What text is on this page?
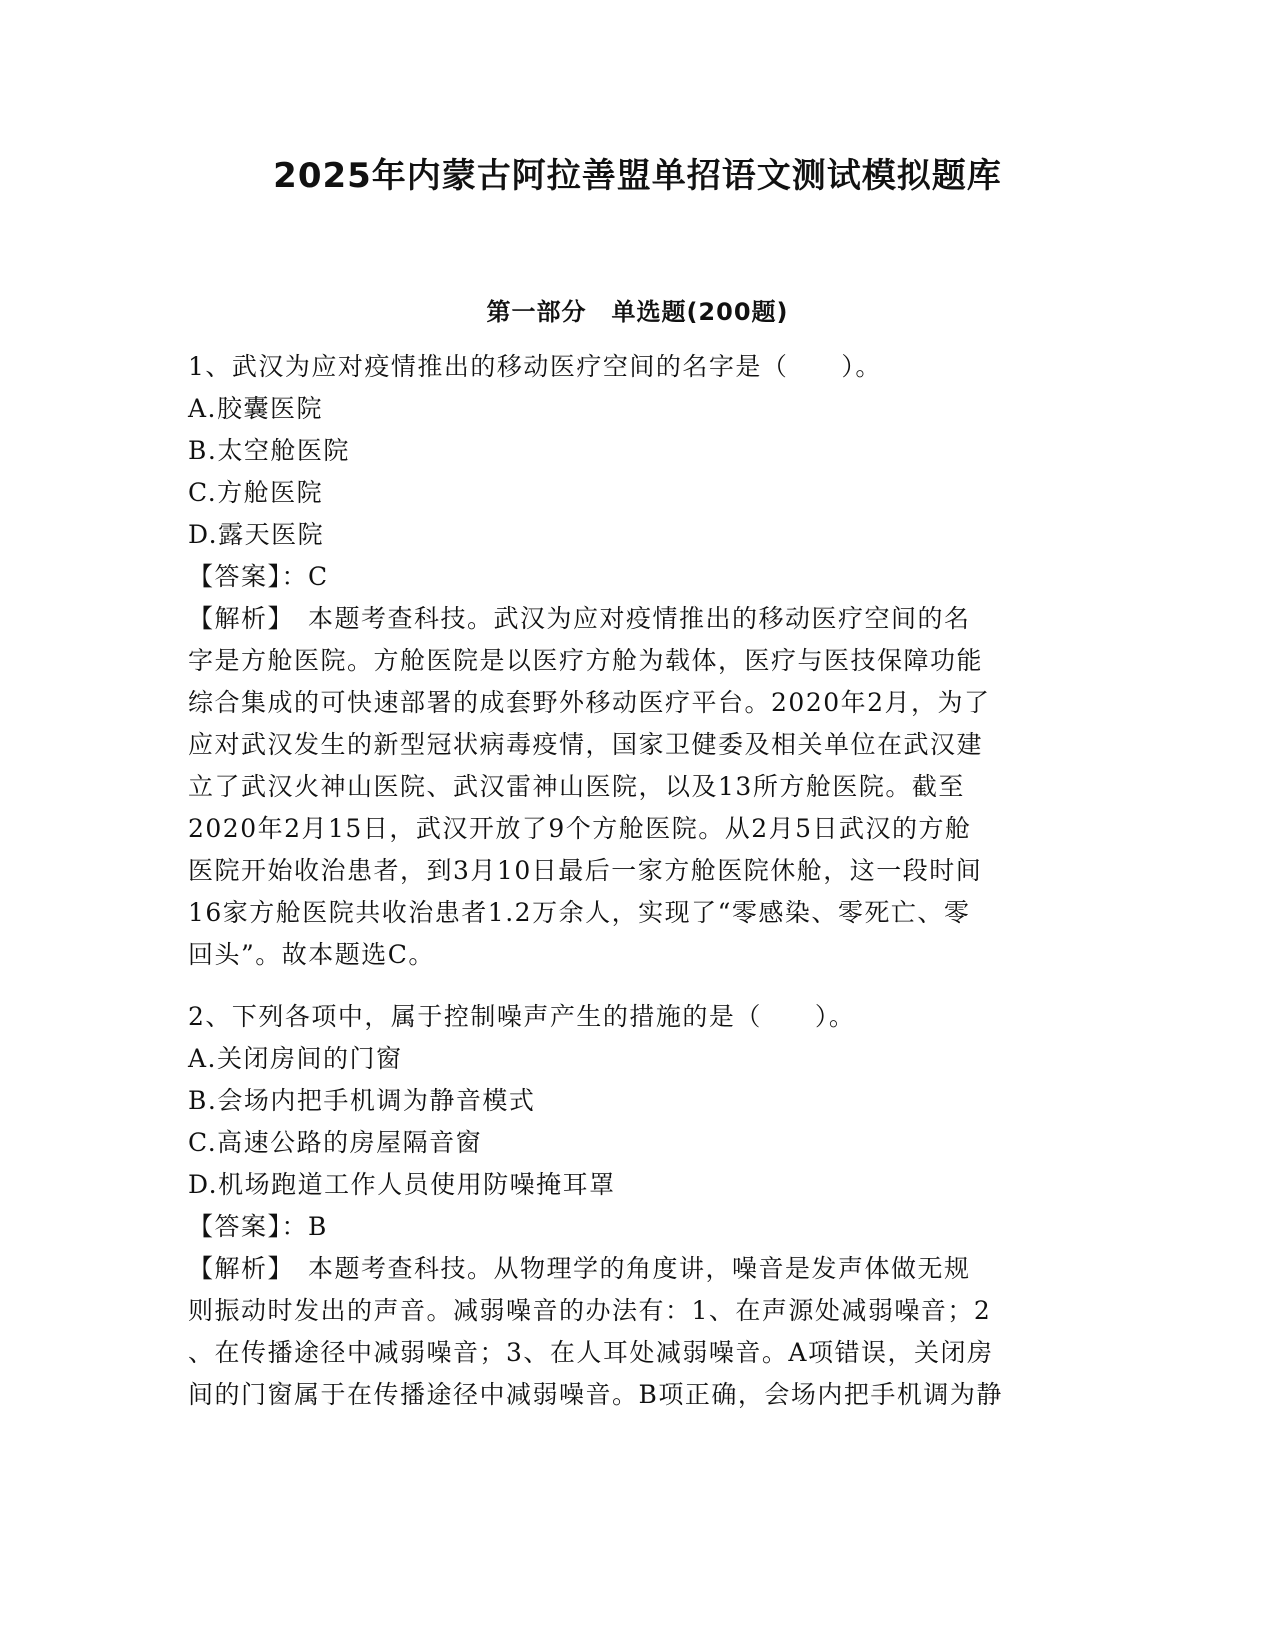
2025年内蒙古阿拉善盟单招语文测试模拟题库
第一部分　单选题(200题)
1、武汉为应对疫情推出的移动医疗空间的名字是（　　）。
A.胶囊医院
B.太空舱医院
C.方舱医院
D.露天医院
【答案】：C
【解析】　本题考查科技。武汉为应对疫情推出的移动医疗空间的名
字是方舱医院。方舱医院是以医疗方舱为载体，医疗与医技保障功能
综合集成的可快速部署的成套野外移动医疗平台。2020年2月，为了
应对武汉发生的新型冠状病毒疫情，国家卫健委及相关单位在武汉建
立了武汉火神山医院、武汉雷神山医院，以及13所方舱医院。截至
2020年2月15日，武汉开放了9个方舱医院。从2月5日武汉的方舱
医院开始收治患者，到3月10日最后一家方舱医院休舱，这一段时间
16家方舱医院共收治患者1.2万余人，实现了“零感染、零死亡、零
回头”。故本题选C。
2、下列各项中，属于控制噪声产生的措施的是（　　）。
A.关闭房间的门窗
B.会场内把手机调为静音模式
C.高速公路的房屋隔音窗
D.机场跑道工作人员使用防噪掩耳罩
【答案】：B
【解析】　本题考查科技。从物理学的角度讲，噪音是发声体做无规
则振动时发出的声音。减弱噪音的办法有：1、在声源处减弱噪音；2
、在传播途径中减弱噪音；3、在人耳处减弱噪音。A项错误，关闭房
间的门窗属于在传播途径中减弱噪音。B项正确，会场内把手机调为静
